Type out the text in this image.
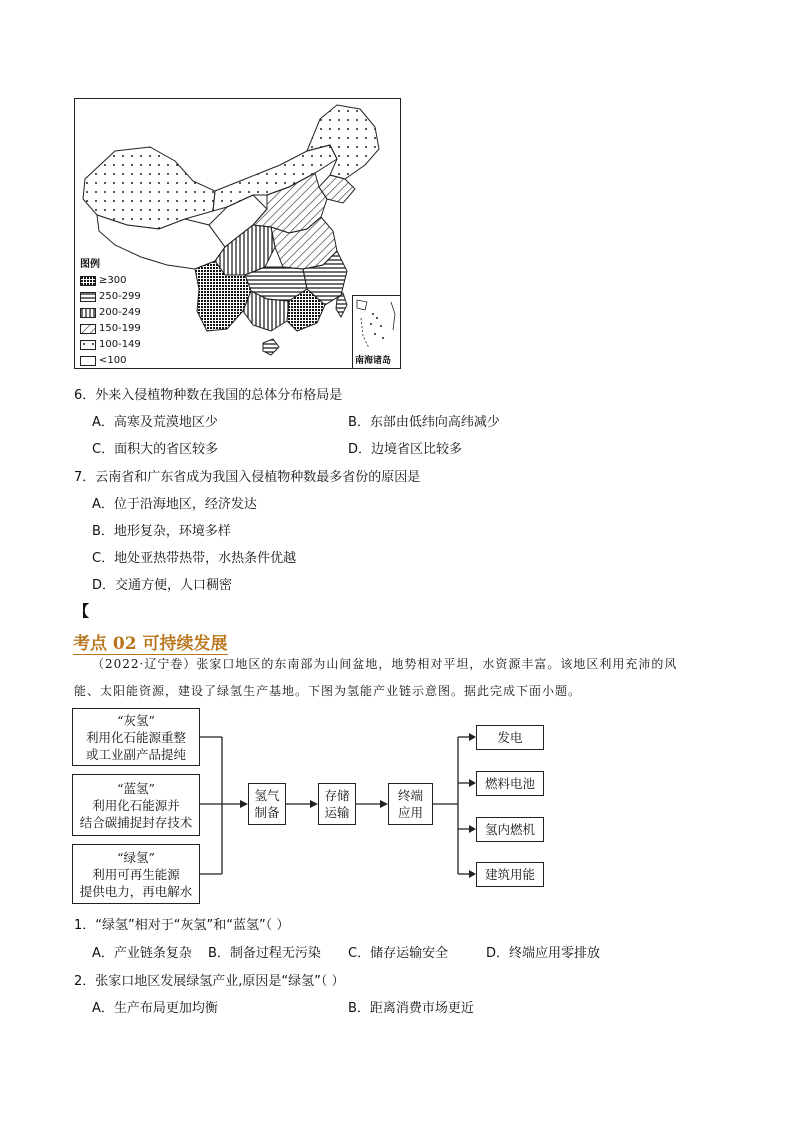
图例
≥300
250-299
200-249
150-199
100-149
<100	南海诸岛
6．外来入侵植物种数在我国的总体分布格局是
A．高寒及荒漠地区少	B．东部由低纬向高纬减少
C．面积大的省区较多	D．边境省区比较多
7．云南省和广东省成为我国入侵植物种数最多省份的原因是
A．位于沿海地区，经济发达
B．地形复杂，环境多样
C．地处亚热带热带，水热条件优越
D．交通方便，人口稠密
【
考点 02 可持续发展
（2022·辽宁卷）张家口地区的东南部为山间盆地，地势相对平坦，水资源丰富。该地区利用充沛的风
能、太阳能资源，建设了绿氢生产基地。下图为氢能产业链示意图。据此完成下面小题。
“灰氢”
利用化石能源重整
或工业副产品提纯
“蓝氢”
利用化石能源并
结合碳捕捉封存技术
“绿氢”
利用可再生能源
提供电力，再电解水
氢气
制备
存储
运输
终端
应用
发电
燃料电池
氢内燃机
建筑用能
1．“绿氢”相对于“灰氢”和“蓝氢”（ ）
A．产业链条复杂 B．制备过程无污染 C．储存运输安全	D．终端应用零排放
2．张家口地区发展绿氢产业,原因是“绿氢”（ ）
A．生产布局更加均衡	B．距离消费市场更近
